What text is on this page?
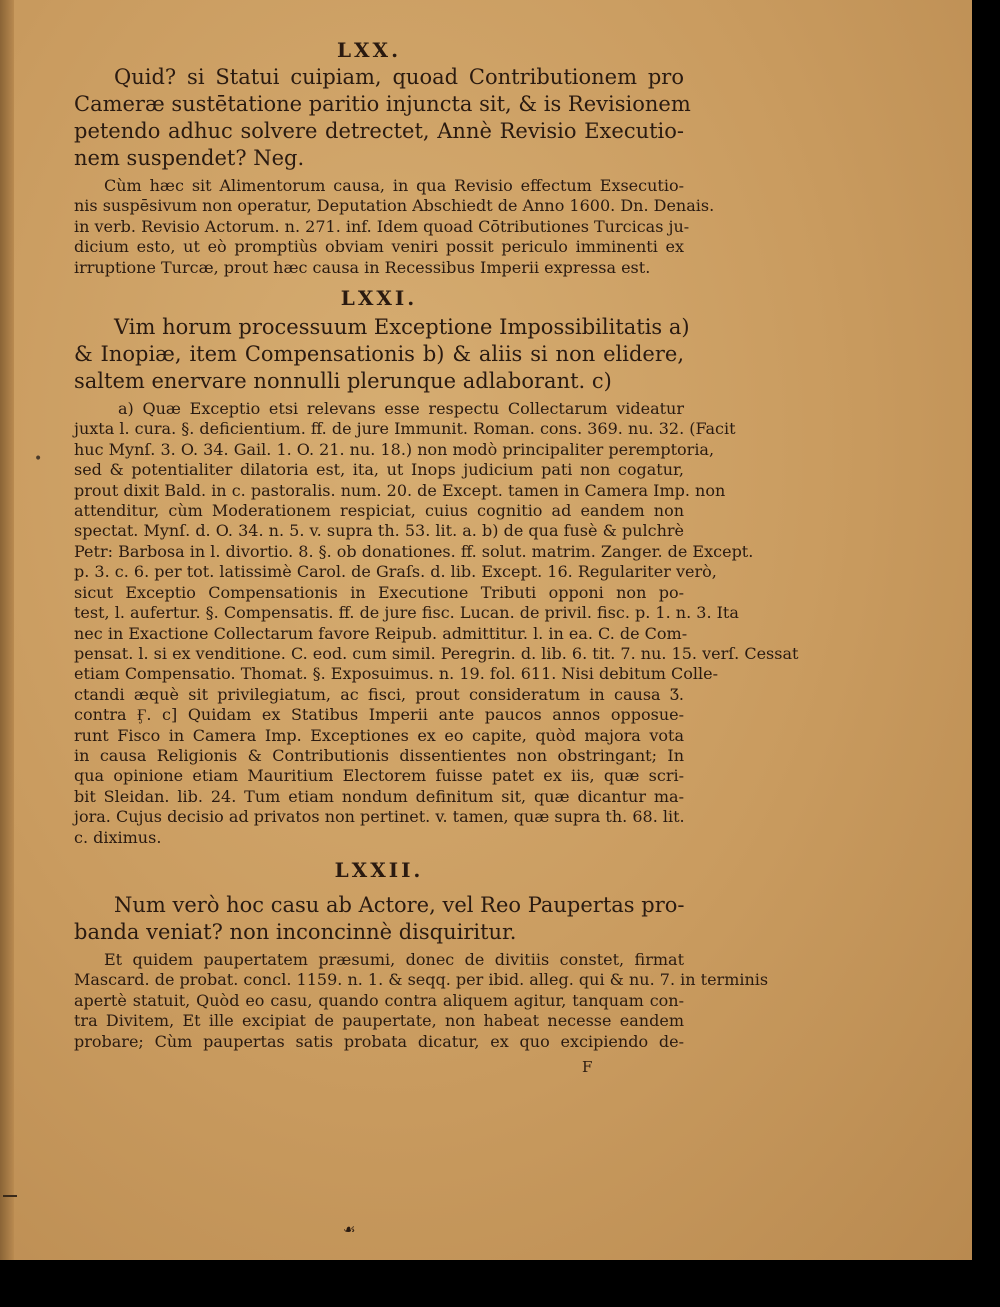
•
LXX.
Quid? si Statui cuipiam, quoad Contributionem pro
Cameræ sustētatione paritio injuncta sit, & is Revisionem
petendo adhuc solvere detrectet, Annè Revisio Executio-
nem suspendet? Neg.
Cùm hæc sit Alimentorum causa, in qua Revisio effectum Exsecutio-
nis suspēsivum non operatur, Deputation Abschiedt de Anno 1600. Dn. Denais.
in verb. Revisio Actorum. n. 271. inf. Idem quoad Cōtributiones Turcicas ju-
dicium esto, ut eò promptiùs obviam veniri possit periculo imminenti ex
irruptione Turcæ, prout hæc causa in Recessibus Imperii expressa est.
LXXI.
Vim horum processuum Exceptione Impossibilitatis a)
& Inopiæ, item Compensationis b) & aliis si non elidere,
saltem enervare nonnulli plerunque adlaborant. c)
a) Quæ Exceptio etsi relevans esse respectu Collectarum videatur
juxta l. cura. §. deficientium. ff. de jure Immunit. Roman. cons. 369. nu. 32. (Facit
huc Mynſ. 3. O. 34. Gail. 1. O. 21. nu. 18.) non modò principaliter peremptoria,
sed & potentialiter dilatoria est, ita, ut Inops judicium pati non cogatur,
prout dixit Bald. in c. pastoralis. num. 20. de Except. tamen in Camera Imp. non
attenditur, cùm Moderationem respiciat, cuius cognitio ad eandem non
spectat. Mynſ. d. O. 34. n. 5. v. supra th. 53. lit. a. b) de qua fusè & pulchrè
Petr: Barbosa in l. divortio. 8. §. ob donationes. ff. solut. matrim. Zanger. de Except.
p. 3. c. 6. per tot. latissimè Carol. de Graſs. d. lib. Except. 16. Regulariter verò,
sicut Exceptio Compensationis in Executione Tributi opponi non po-
test, l. aufertur. §. Compensatis. ff. de jure fisc. Lucan. de privil. fisc. p. 1. n. 3. Ita
nec in Exactione Collectarum favore Reipub. admittitur. l. in ea. C. de Com-
pensat. l. si ex venditione. C. eod. cum simil. Peregrin. d. lib. 6. tit. 7. nu. 15. verſ. Cessat
etiam Compensatio. Thomat. §. Exposuimus. n. 19. fol. 611. Nisi debitum Colle-
ctandi æquè sit privilegiatum, ac fisci, prout consideratum in causa Ӡ.
contra Ӻ. c] Quidam ex Statibus Imperii ante paucos annos opposue-
runt Fisco in Camera Imp. Exceptiones ex eo capite, quòd majora vota
in causa Religionis & Contributionis dissentientes non obstringant; In
qua opinione etiam Mauritium Electorem fuisse patet ex iis, quæ scri-
bit Sleidan. lib. 24. Tum etiam nondum definitum sit, quæ dicantur ma-
jora. Cujus decisio ad privatos non pertinet. v. tamen, quæ supra th. 68. lit.
c. diximus.
LXXII.
Num verò hoc casu ab Actore, vel Reo Paupertas pro-
banda veniat? non inconcinnè disquiritur.
Et quidem paupertatem præsumi, donec de divitiis constet, firmat
Mascard. de probat. concl. 1159. n. 1. & seqq. per ibid. alleg. qui & nu. 7. in terminis
apertè statuit, Quòd eo casu, quando contra aliquem agitur, tanquam con-
tra Divitem, Et ille excipiat de paupertate, non habeat necesse eandem
probare; Cùm paupertas satis probata dicatur, ex quo excipiendo de-
F
☙
